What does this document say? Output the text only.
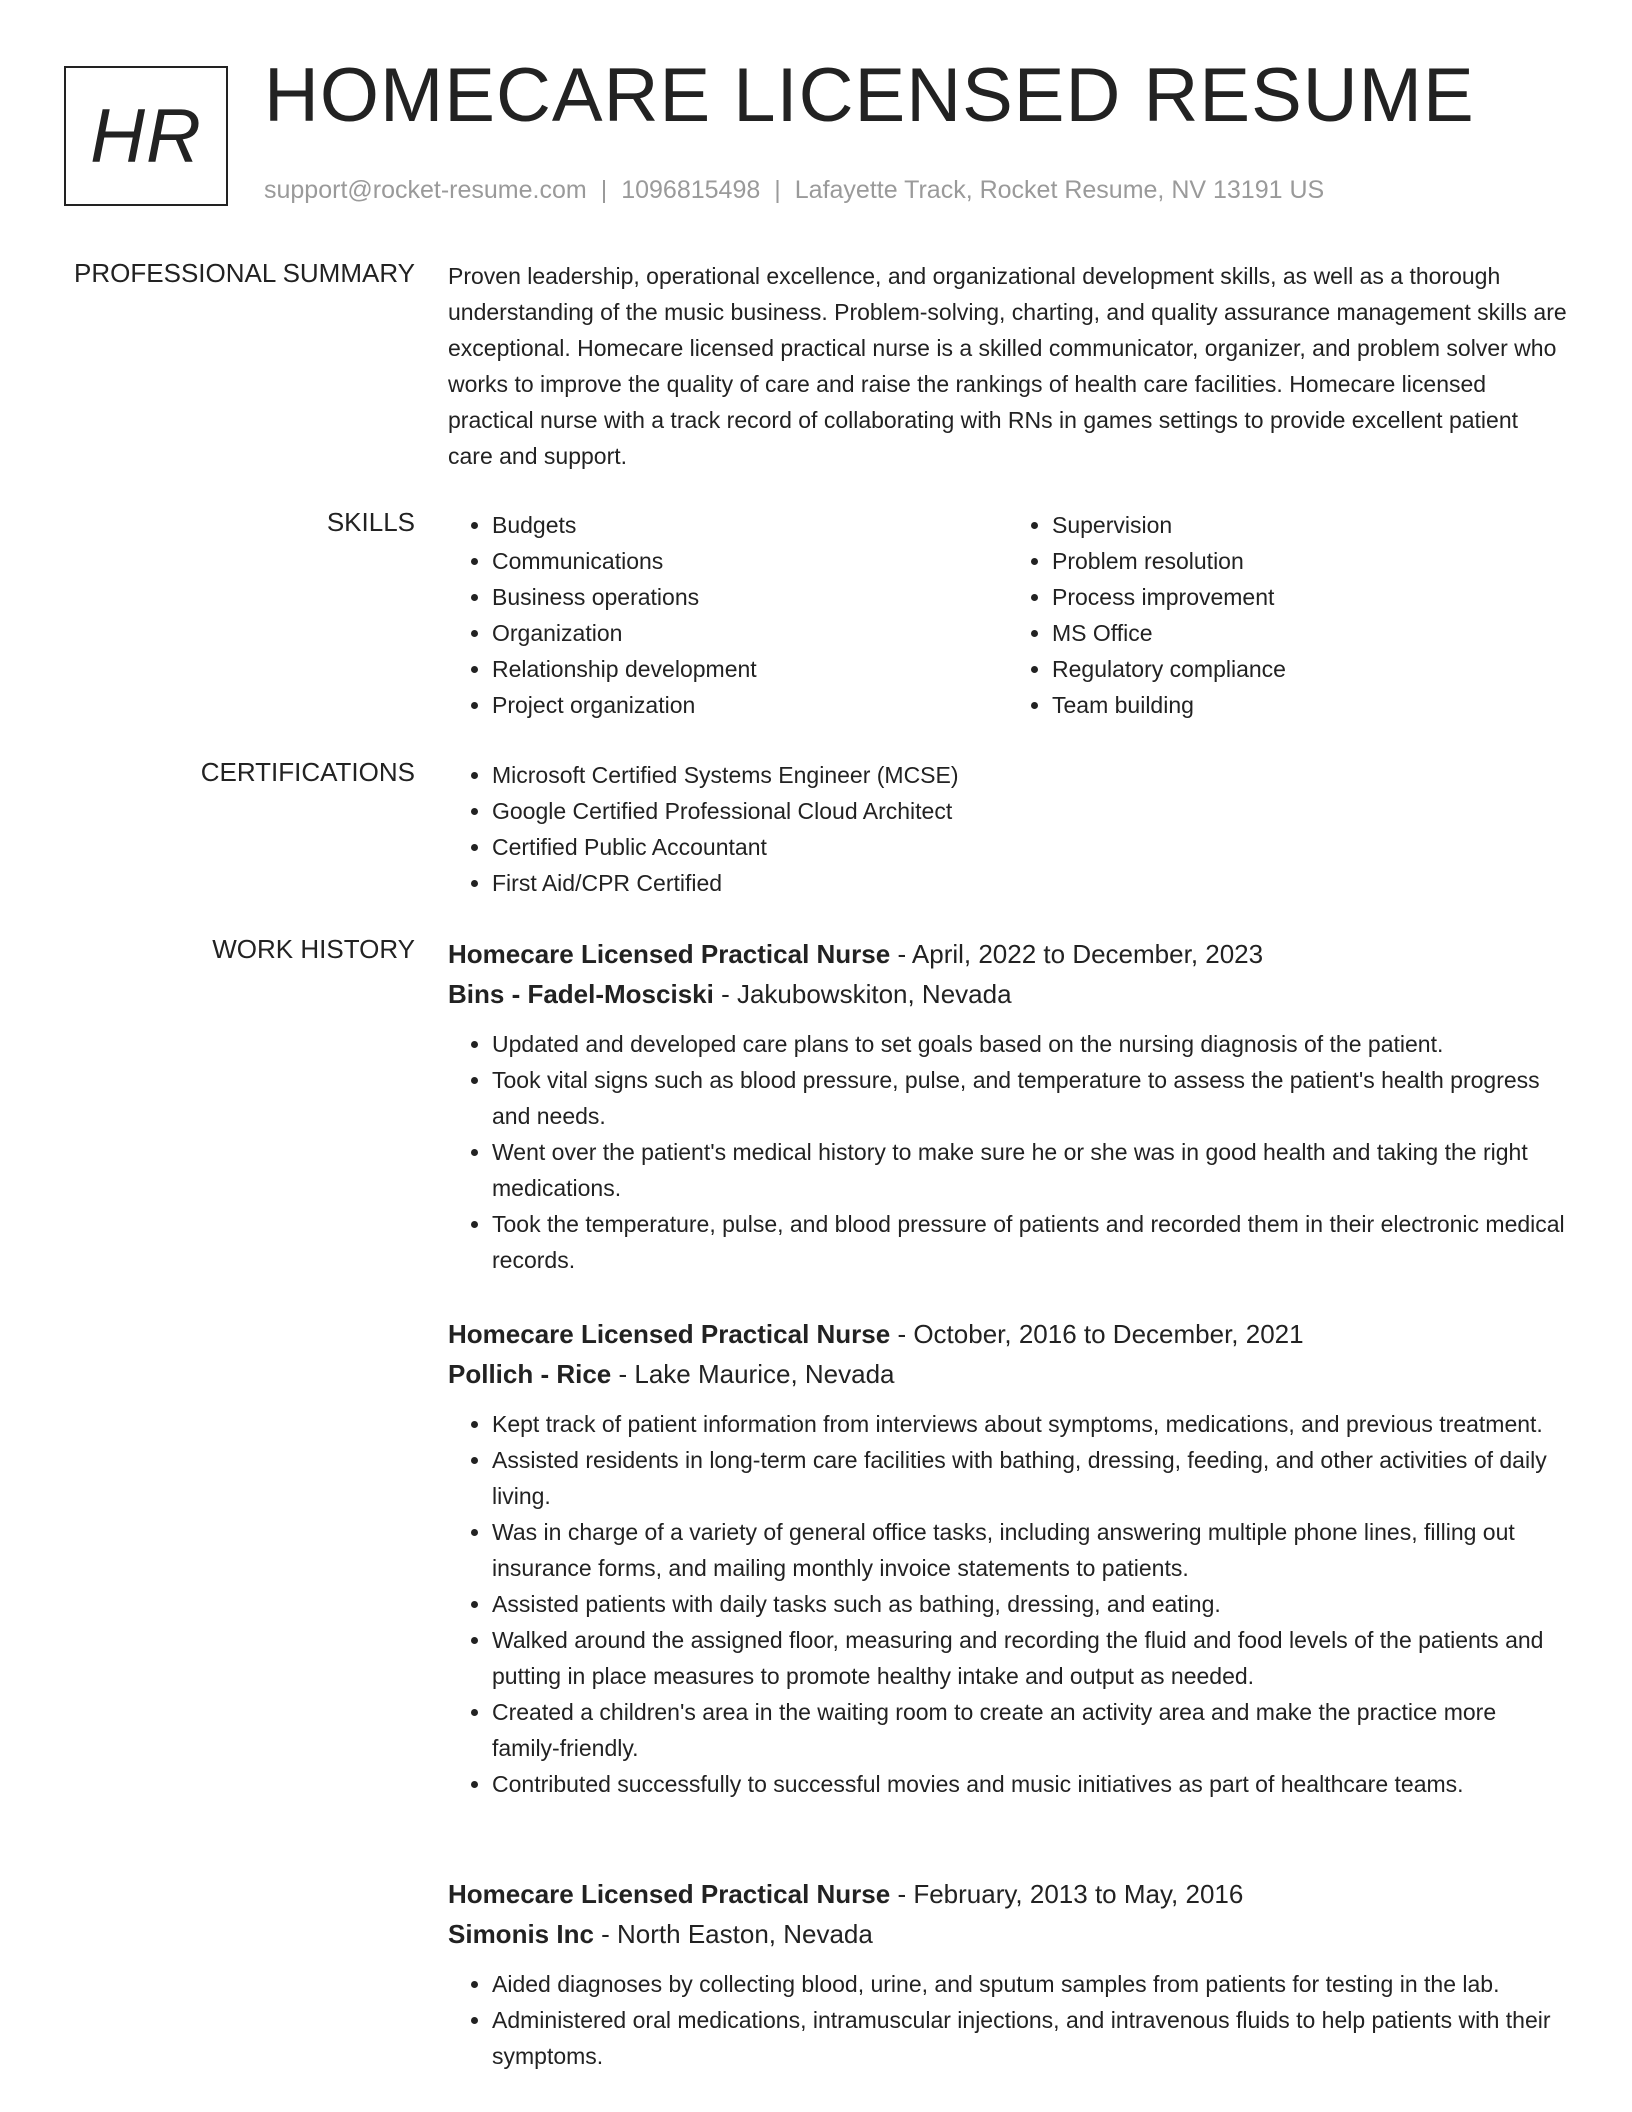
HR HOMECARE LICENSED RESUME
support@rocket-resume.com | 1096815498 | Lafayette Track, Rocket Resume, NV 13191 US
PROFESSIONAL SUMMARY Proven leadership, operational excellence, and organizational development skills, as well as a thorough understanding of the music business. Problem-solving, charting, and quality assurance management skills are exceptional. Homecare licensed practical nurse is a skilled communicator, organizer, and problem solver who works to improve the quality of care and raise the rankings of health care facilities. Homecare licensed practical nurse with a track record of collaborating with RNs in games settings to provide excellent patient care and support.

SKILLS	• Budgets
• Communications
• Business operations
• Organization
• Relationship development
• Project organization
• Supervision
• Problem resolution
• Process improvement
• MS Office
• Regulatory compliance
• Team building
CERTIFICATIONS	• Microsoft Certified Systems Engineer (MCSE)
• Google Certified Professional Cloud Architect
• Certified Public Accountant
• First Aid/CPR Certified
WORK HISTORY Homecare Licensed Practical Nurse - April, 2022 to December, 2023
Bins - Fadel-Mosciski - Jakubowskiton, Nevada
• Updated and developed care plans to set goals based on the nursing diagnosis of the patient.
• Took vital signs such as blood pressure, pulse, and temperature to assess the patient's health progress and needs.
• Went over the patient's medical history to make sure he or she was in good health and taking the right medications.
• Took the temperature, pulse, and blood pressure of patients and recorded them in their electronic medical records.
Homecare Licensed Practical Nurse - October, 2016 to December, 2021
Pollich - Rice - Lake Maurice, Nevada
• Kept track of patient information from interviews about symptoms, medications, and previous treatment.
• Assisted residents in long-term care facilities with bathing, dressing, feeding, and other activities of daily living.
• Was in charge of a variety of general office tasks, including answering multiple phone lines, filling out insurance forms, and mailing monthly invoice statements to patients.
• Assisted patients with daily tasks such as bathing, dressing, and eating.
• Walked around the assigned floor, measuring and recording the fluid and food levels of the patients and putting in place measures to promote healthy intake and output as needed.
• Created a children's area in the waiting room to create an activity area and make the practice more family-friendly.
• Contributed successfully to successful movies and music initiatives as part of healthcare teams.
Homecare Licensed Practical Nurse - February, 2013 to May, 2016
Simonis Inc - North Easton, Nevada
• Aided diagnoses by collecting blood, urine, and sputum samples from patients for testing in the lab.
• Administered oral medications, intramuscular injections, and intravenous fluids to help patients with their symptoms.
